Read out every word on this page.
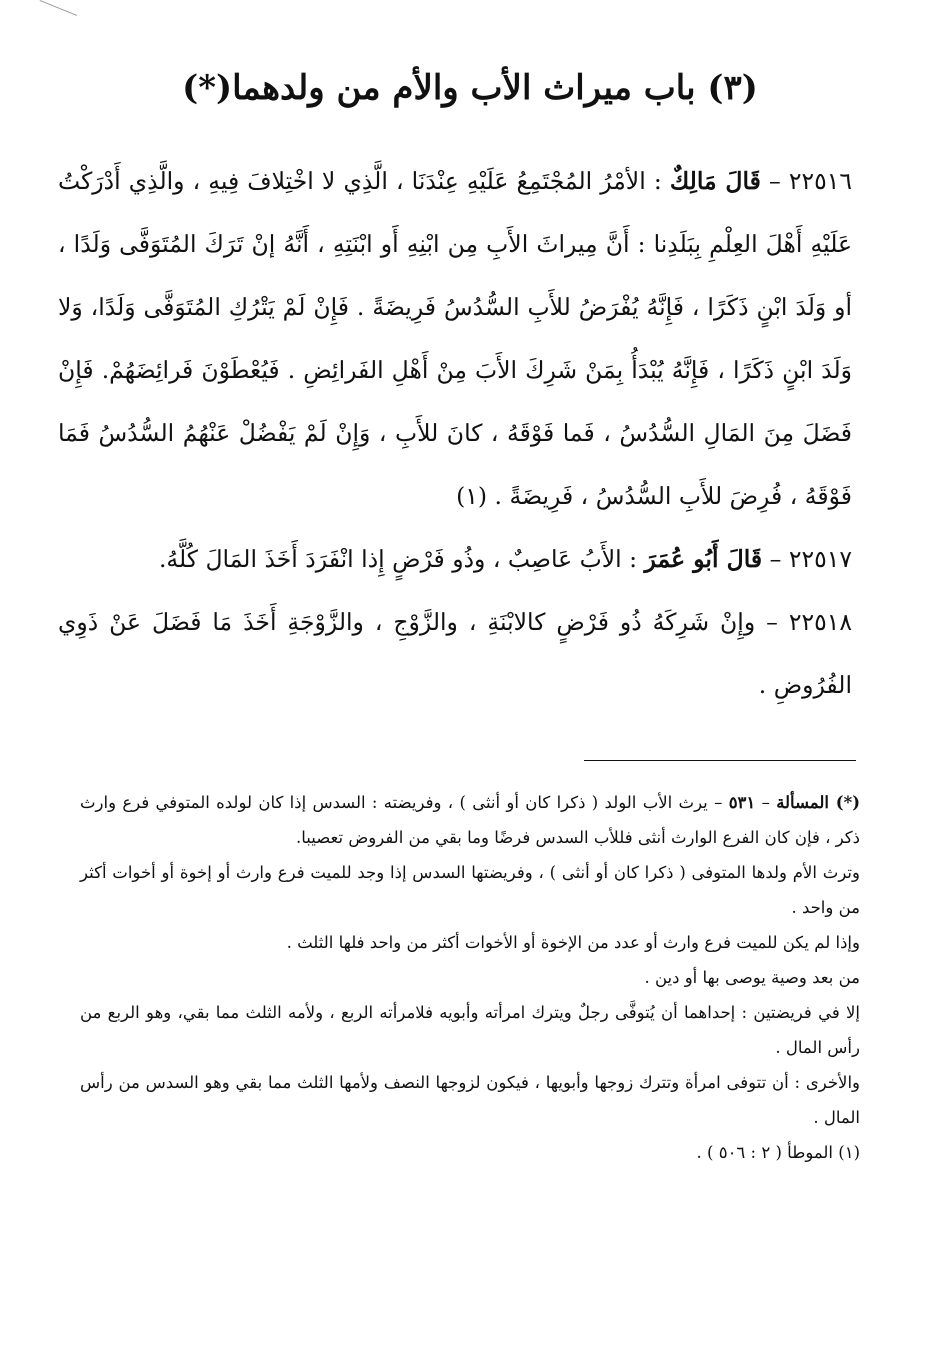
(٣) باب ميراث الأب والأم من ولدهما(*)

٢٢٥١٦ – قَالَ مَالِكٌ : الأمْرُ المُجْتَمِعُ عَلَيْهِ عِنْدَنَا ، الَّذِي لا اخْتِلافَ فِيهِ ، والَّذِي أَدْرَكْتُ عَلَيْهِ أَهْلَ العِلْمِ بِبَلَدِنا : أَنَّ مِيراثَ الأَبِ مِن ابْنِهِ أَو ابْنَتِهِ ، أَنَّهُ إنْ تَرَكَ المُتَوَفَّى وَلَدًا ، أو وَلَدَ ابْنٍ ذَكَرًا ، فَإِنَّهُ يُفْرَضُ للأَبِ السُّدُسُ فَرِيضَةً . فَإِنْ لَمْ يَتْرُكِ المُتَوَفَّى وَلَدًا، وَلا وَلَدَ ابْنٍ ذَكَرًا ، فَإِنَّهُ يُبْدَأُ بِمَنْ شَرِكَ الأَبَ مِنْ أَهْلِ الفَرائِضِ . فَيُعْطَوْنَ فَرائِضَهُمْ. فَإِنْ فَضَلَ مِنَ المَالِ السُّدُسُ ، فَما فَوْقَهُ ، كانَ للأَبِ ، وَإِنْ لَمْ يَفْضُلْ عَنْهُمُ السُّدُسُ فَمَا فَوْقَهُ ، فُرِضَ للأَبِ السُّدُسُ ، فَرِيضَةً . (١)

٢٢٥١٧ – قَالَ أَبُو عُمَرَ : الأَبُ عَاصِبٌ ، وذُو فَرْضٍ إِذا انْفَرَدَ أَخَذَ المَالَ كُلَّهُ.

٢٢٥١٨ – وإِنْ شَرِكَهُ ذُو فَرْضٍ كالابْنَةِ ، والزَّوْجِ ، والزَّوْجَةِ أَخَذَ مَا فَضَلَ عَنْ ذَوِي الفُرُوضِ .

(*) المسألة – ٥٣١ – يرث الأب الولد ( ذكرا كان أو أنثى ) ، وفريضته : السدس إذا كان لولده المتوفي فرع وارث ذكر ، فإن كان الفرع الوارث أنثى فللأب السدس فرضًا وما بقي من الفروض تعصيبا.

وترث الأم ولدها المتوفى ( ذكرا كان أو أنثى ) ، وفريضتها السدس إذا وجد للميت فرع وارث أو إخوة أو أخوات أكثر من واحد .

وإذا لم يكن للميت فرع وارث أو عدد من الإخوة أو الأخوات أكثر من واحد فلها الثلث .

من بعد وصية يوصى بها أو دين .

إلا في فريضتين : إحداهما أن يُتوفَّى رجلٌ ويترك امرأته وأبويه فلامرأته الربع ، ولأمه الثلث مما بقي، وهو الربع من رأس المال .

والأخرى : أن تتوفى امرأة وتترك زوجها وأبويها ، فيكون لزوجها النصف ولأمها الثلث مما بقي وهو السدس من رأس المال .

(١) الموطأ ( ٢ : ٥٠٦ ) .
